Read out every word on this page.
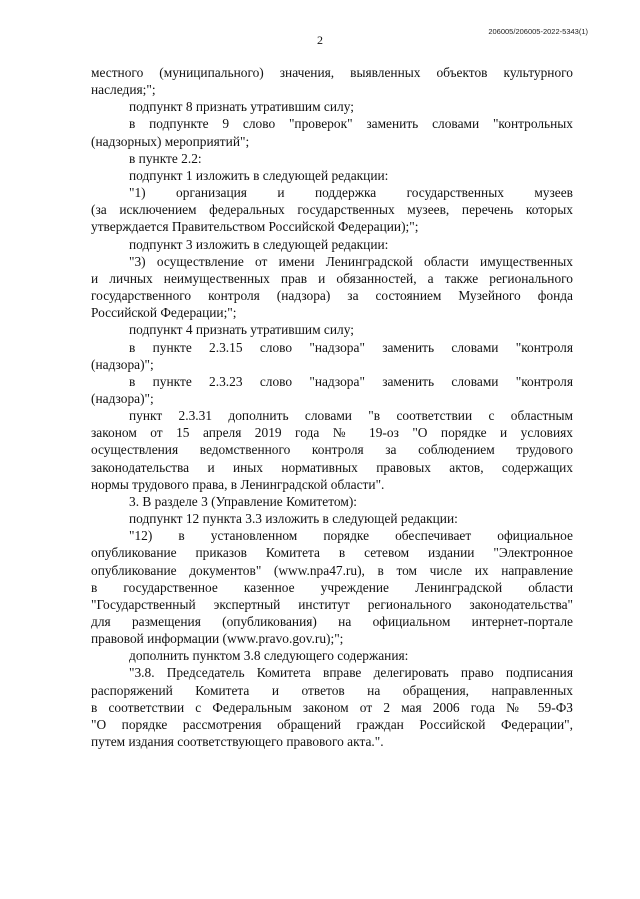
206005/206005-2022-5343(1)
2
местного (муниципального) значения, выявленных объектов культурного
наследия;";
подпункт 8 признать утратившим силу;
в подпункте 9 слово "проверок" заменить словами "контрольных
(надзорных) мероприятий";
в пункте 2.2:
подпункт 1 изложить в следующей редакции:
"1) организация и поддержка государственных музеев
(за исключением федеральных государственных музеев, перечень которых
утверждается Правительством Российской Федерации);";
подпункт 3 изложить в следующей редакции:
"3) осуществление от имени Ленинградской области имущественных
и личных неимущественных прав и обязанностей, а также регионального
государственного контроля (надзора) за состоянием Музейного фонда
Российской Федерации;";
подпункт 4 признать утратившим силу;
в пункте 2.3.15 слово "надзора" заменить словами "контроля
(надзора)";
в пункте 2.3.23 слово "надзора" заменить словами "контроля
(надзора)";
пункт 2.3.31 дополнить словами "в соответствии с областным
законом от 15 апреля 2019 года № 19-оз "О порядке и условиях
осуществления ведомственного контроля за соблюдением трудового
законодательства и иных нормативных правовых актов, содержащих
нормы трудового права, в Ленинградской области".
3. В разделе 3 (Управление Комитетом):
подпункт 12 пункта 3.3 изложить в следующей редакции:
"12) в установленном порядке обеспечивает официальное
опубликование приказов Комитета в сетевом издании "Электронное
опубликование документов" (www.npa47.ru), в том числе их направление
в государственное казенное учреждение Ленинградской области
"Государственный экспертный институт регионального законодательства"
для размещения (опубликования) на официальном интернет-портале
правовой информации (www.pravo.gov.ru);";
дополнить пунктом 3.8 следующего содержания:
"3.8. Председатель Комитета вправе делегировать право подписания
распоряжений Комитета и ответов на обращения, направленных
в соответствии с Федеральным законом от 2 мая 2006 года № 59-ФЗ
"О порядке рассмотрения обращений граждан Российской Федерации",
путем издания соответствующего правового акта.".
